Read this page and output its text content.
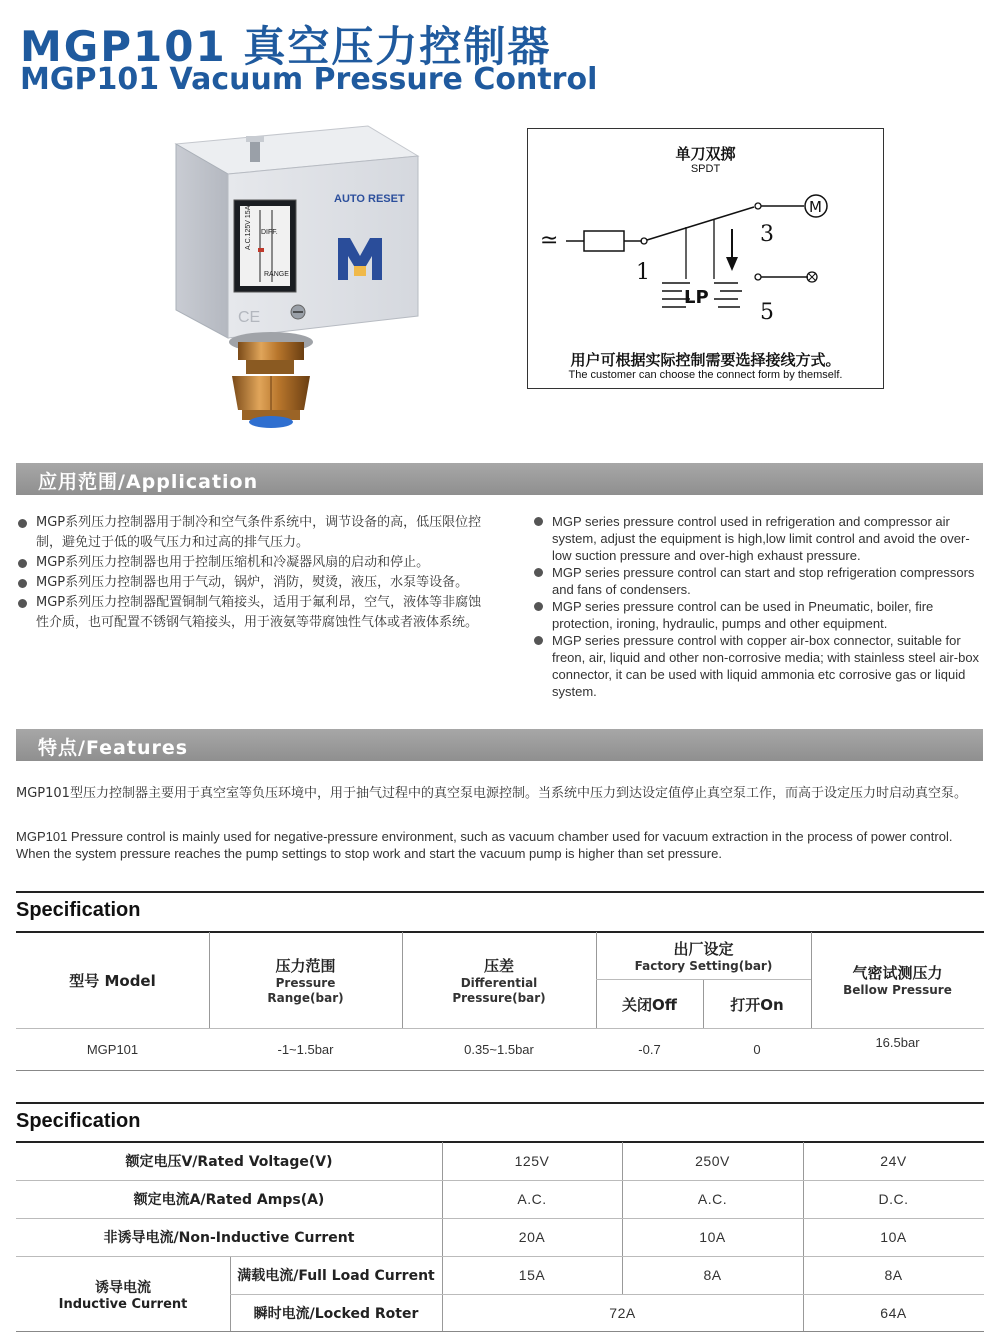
MGP101 真空压力控制器
MGP101 Vacuum Pressure Control
A.C.125V 15A DIFF.
RANGE
AUTO RESET
CE
单刀双掷
SPDT
≃
M
3
1
5
LP
用户可根据实际控制需要选择接线方式。
The customer can choose the connect form by themself.
应用范围/Application
MGP系列压力控制器用于制冷和空气条件系统中，调节设备的高，低压限位控制，避免过于低的吸气压力和过高的排气压力。
MGP系列压力控制器也用于控制压缩机和冷凝器风扇的启动和停止。
MGP系列压力控制器也用于气动，锅炉，消防，熨烫，液压，水泵等设备。
MGP系列压力控制器配置铜制气箱接头，适用于氟利昂，空气，液体等非腐蚀性介质，也可配置不锈钢气箱接头，用于液氨等带腐蚀性气体或者液体系统。
MGP series pressure control used in refrigeration and compressor air system, adjust the equipment is high,low limit control and avoid the over-low suction pressure and over-high exhaust pressure.
MGP series pressure control can start and stop refrigeration compressors and fans of condensers.
MGP series pressure control can be used in Pneumatic, boiler, fire protection, ironing, hydraulic, pumps and other equipment.
MGP series pressure control with copper air-box connector, suitable for freon, air, liquid and other non-corrosive media; with stainless steel air-box connector, it can be used with liquid ammonia etc corrosive gas or liquid system.
特点/Features
MGP101型压力控制器主要用于真空室等负压环境中，用于抽气过程中的真空泵电源控制。当系统中压力到达设定值停止真空泵工作，而高于设定压力时启动真空泵。
MGP101 Pressure control is mainly used for negative-pressure environment, such as vacuum chamber used for vacuum extraction in the process of power control. When the system pressure reaches the pump settings to stop work and start the vacuum pump is higher than set pressure.
Specification
型号 Model
压力范围
Pressure
Range(bar)
压差
Differential
Pressure(bar)
出厂设定
Factory Setting(bar)
关闭Off	打开On
气密试测压力
Bellow Pressure
MGP101	-1~1.5bar	0.35~1.5bar	-0.7	0	16.5bar
Specification
额定电压V/Rated Voltage(V)	125V	250V	24V
额定电流A/Rated Amps(A)	A.C.	A.C.	D.C.
非诱导电流/Non-Inductive Current	20A	10A	10A
诱导电流
Inductive Current
满载电流/Full Load Current	15A	8A	8A
瞬时电流/Locked Roter	72A	64A
